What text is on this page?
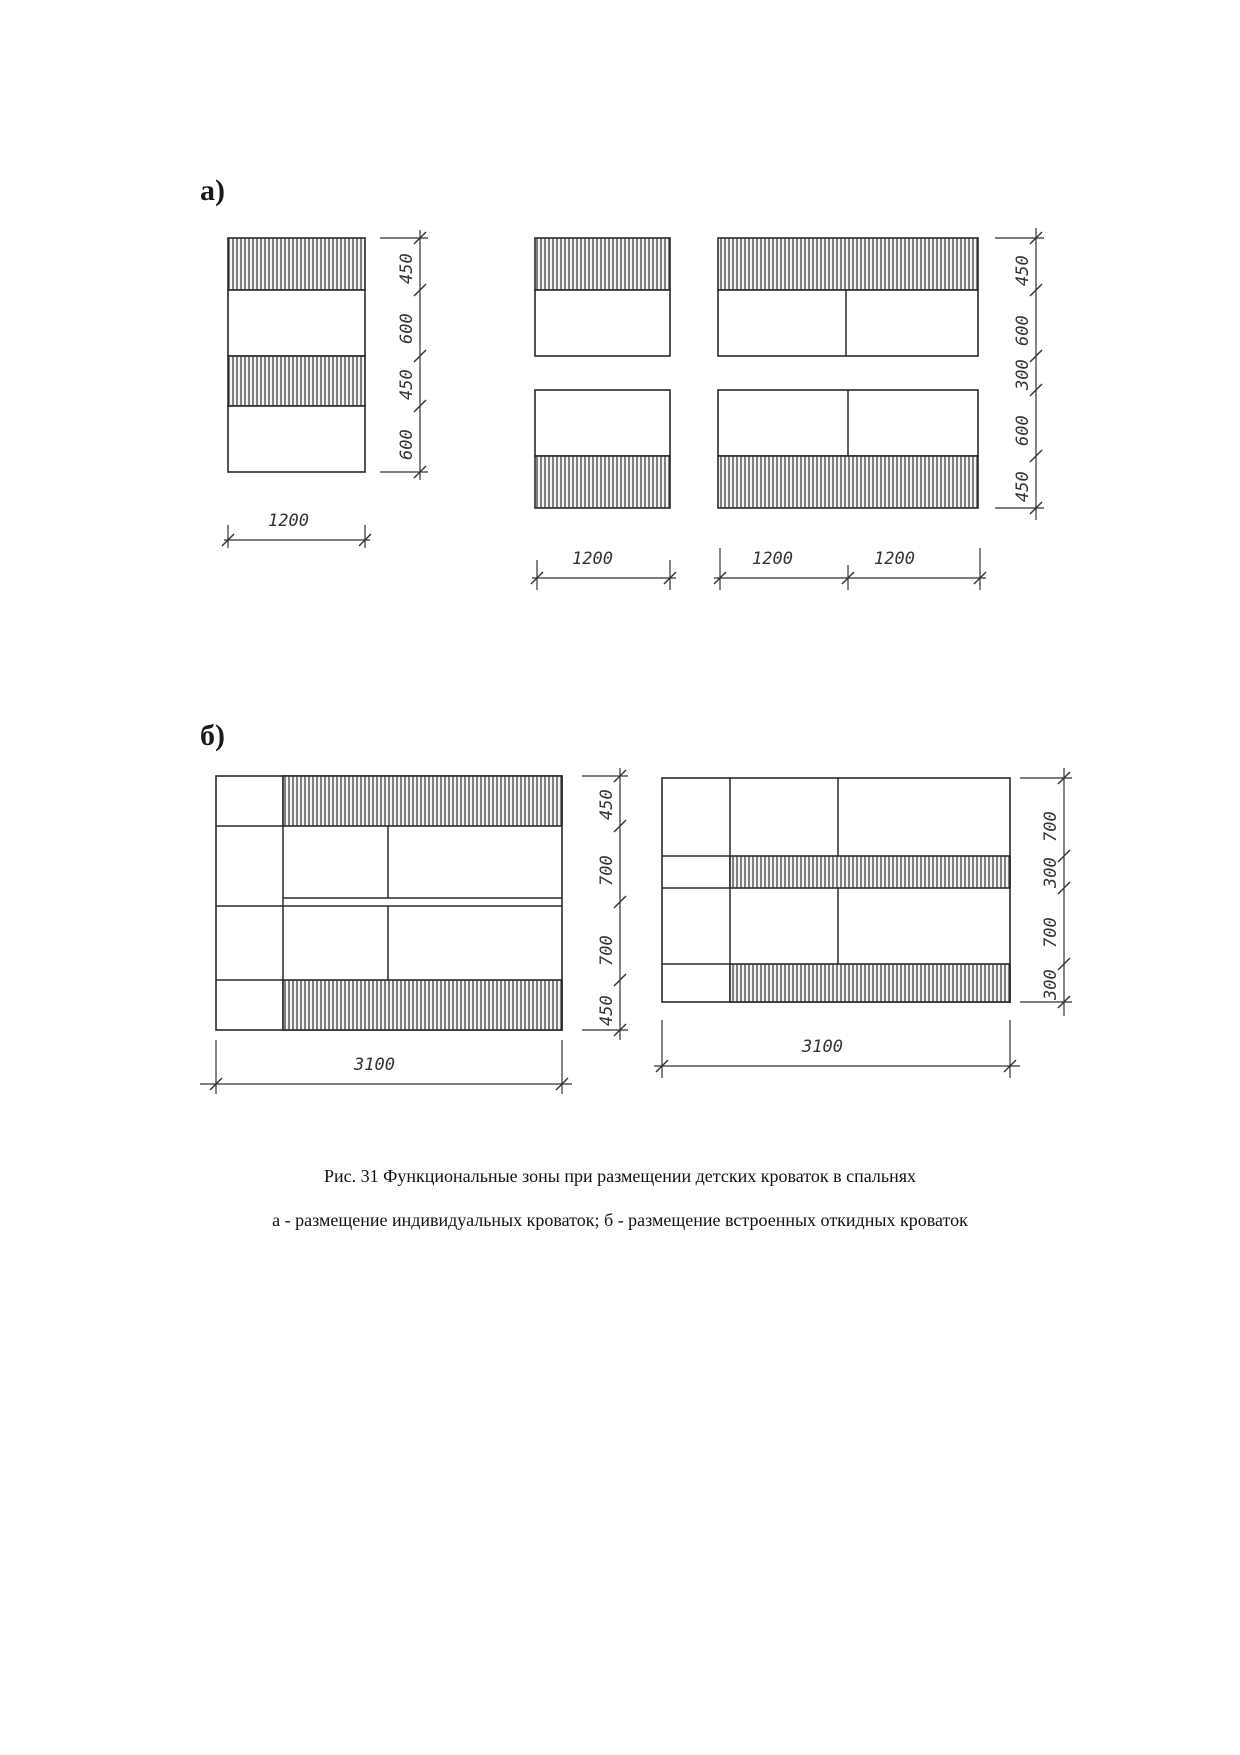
а)
450
600
450
600
1200
1200
450
600
300
600
450
1200	1200
б)
450
700
700
450
3100
700
300
700
300
3100
Рис. 31 Функциональные зоны при размещении детских кроваток в спальнях
а - размещение индивидуальных кроваток; б - размещение встроенных откидных кроваток
